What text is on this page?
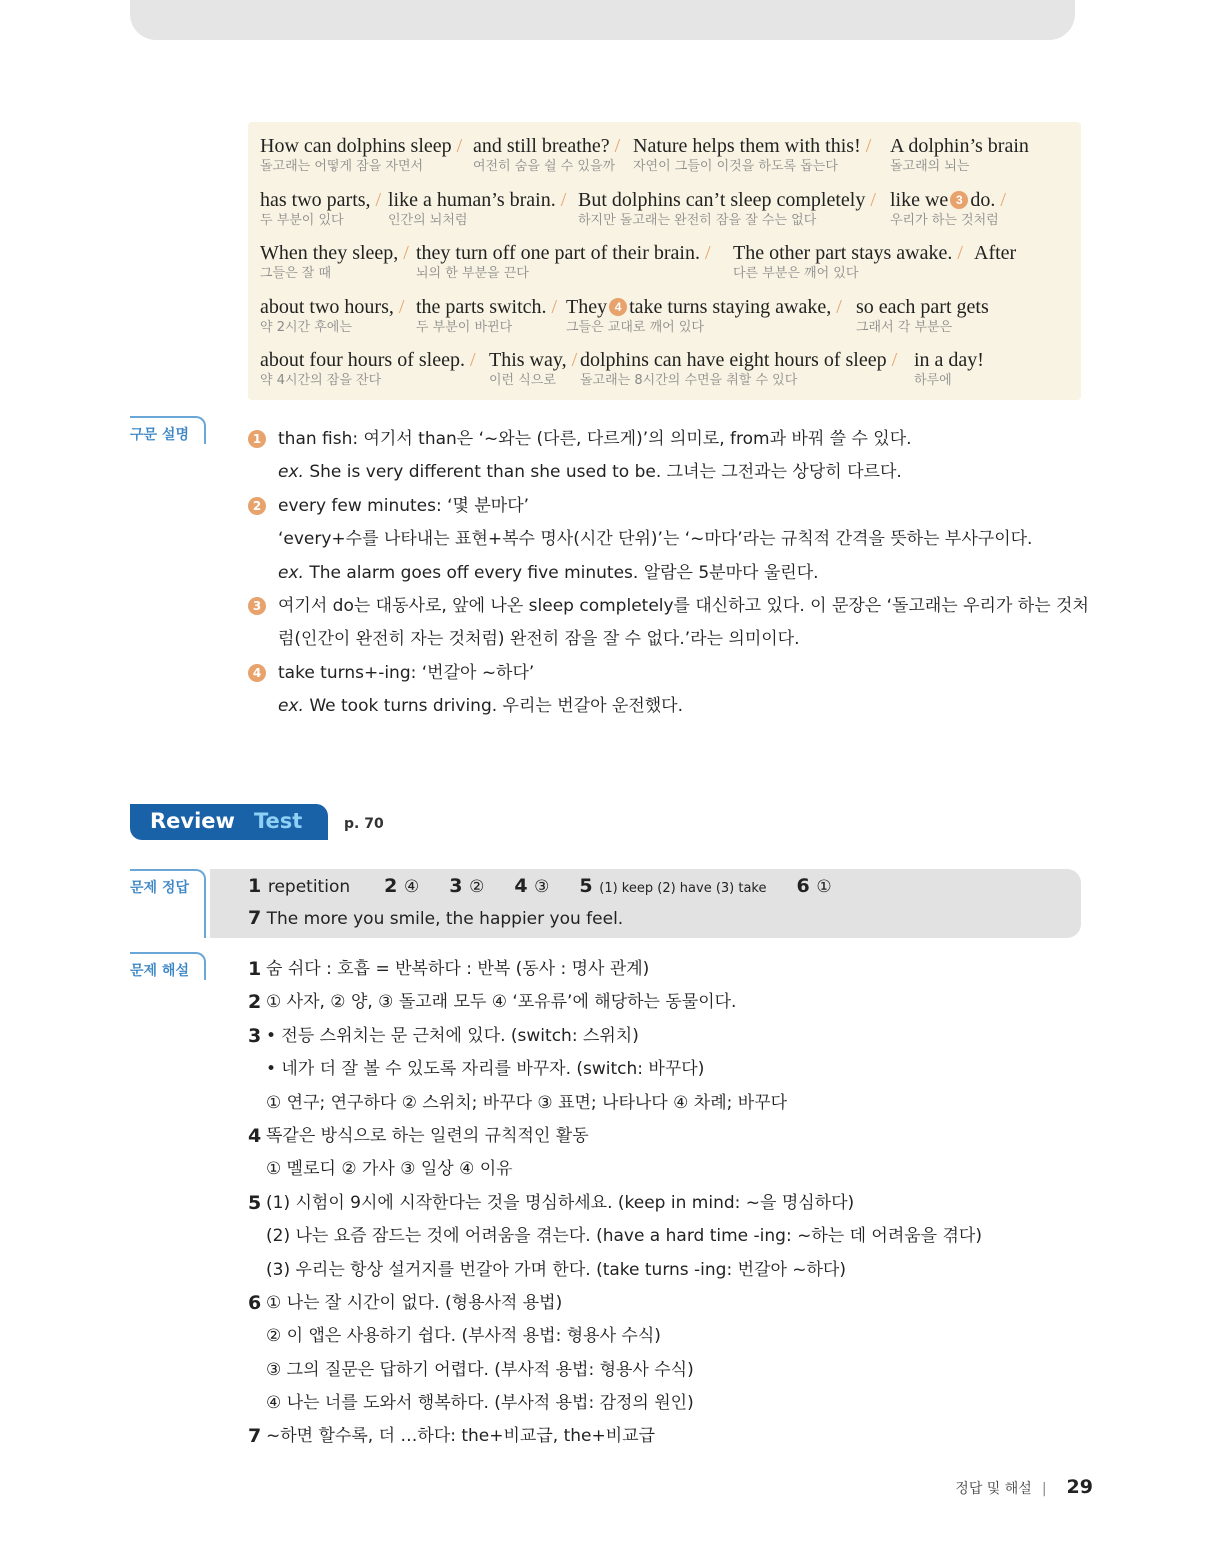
How can dolphins sleep /
돌고래는 어떻게 잠을 자면서
and still breathe? /
여전히 숨을 쉴 수 있을까
Nature helps them with this! /
자연이 그들이 이것을 하도록 돕는다
A dolphin’s brain
돌고래의 뇌는
has two parts, /
두 부분이 있다
like a human’s brain. /
인간의 뇌처럼
But dolphins can’t sleep completely /
하지만 돌고래는 완전히 잠을 잘 수는 없다
like we 3 do. /
우리가 하는 것처럼
When they sleep, /
그들은 잘 때
they turn off one part of their brain. /
뇌의 한 부분을 끈다
The other part stays awake. /
다른 부분은 깨어 있다
After
about two hours, /
약 2시간 후에는
the parts switch. /
두 부분이 바뀐다
They 4 take turns staying awake, /
그들은 교대로 깨어 있다
so each part gets
그래서 각 부분은
about four hours of sleep. /
약 4시간의 잠을 잔다
This way, /
이런 식으로
dolphins can have eight hours of sleep /
돌고래는 8시간의 수면을 취할 수 있다
in a day!
하루에
구문 설명	1 than fish: 여기서 than은 ‘~와는 (다른, 다르게)’의 의미로, from과 바꿔 쓸 수 있다.
ex. She is very different than she used to be. 그녀는 그전과는 상당히 다르다.
2 every few minutes: ‘몇 분마다’
‘every+수를 나타내는 표현+복수 명사(시간 단위)’는 ‘~마다’라는 규칙적 간격을 뜻하는 부사구이다.
ex. The alarm goes off every five minutes. 알람은 5분마다 울린다.
3 여기서 do는 대동사로, 앞에 나온 sleep completely를 대신하고 있다. 이 문장은 ‘돌고래는 우리가 하는 것처
럼(인간이 완전히 자는 것처럼) 완전히 잠을 잘 수 없다.’라는 의미이다.
4 take turns+-ing: ‘번갈아 ~하다’
ex. We took turns driving. 우리는 번갈아 운전했다.
Review Test	p. 70
문제 정답	1 repetition 2 ④ 3 ② 4 ③ 5 (1) keep (2) have (3) take 6 ①
7 The more you smile, the happier you feel.
문제 해설	1 숨 쉬다 : 호흡 = 반복하다 : 반복 (동사 : 명사 관계)
2 ① 사자, ② 양, ③ 돌고래 모두 ④ ‘포유류’에 해당하는 동물이다.
3 • 전등 스위치는 문 근처에 있다. (switch: 스위치)
• 네가 더 잘 볼 수 있도록 자리를 바꾸자. (switch: 바꾸다)
① 연구; 연구하다 ② 스위치; 바꾸다 ③ 표면; 나타나다 ④ 차례; 바꾸다
4 똑같은 방식으로 하는 일련의 규칙적인 활동
① 멜로디 ② 가사 ③ 일상 ④ 이유
5 (1) 시험이 9시에 시작한다는 것을 명심하세요. (keep in mind: ~을 명심하다)
(2) 나는 요즘 잠드는 것에 어려움을 겪는다. (have a hard time -ing: ~하는 데 어려움을 겪다)
(3) 우리는 항상 설거지를 번갈아 가며 한다. (take turns -ing: 번갈아 ~하다)
6 ① 나는 잘 시간이 없다. (형용사적 용법)
② 이 앱은 사용하기 쉽다. (부사적 용법: 형용사 수식)
③ 그의 질문은 답하기 어렵다. (부사적 용법: 형용사 수식)
④ 나는 너를 도와서 행복하다. (부사적 용법: 감정의 원인)
7 ~하면 할수록, 더 …하다: the+비교급, the+비교급
정답 및 해설 | 29
